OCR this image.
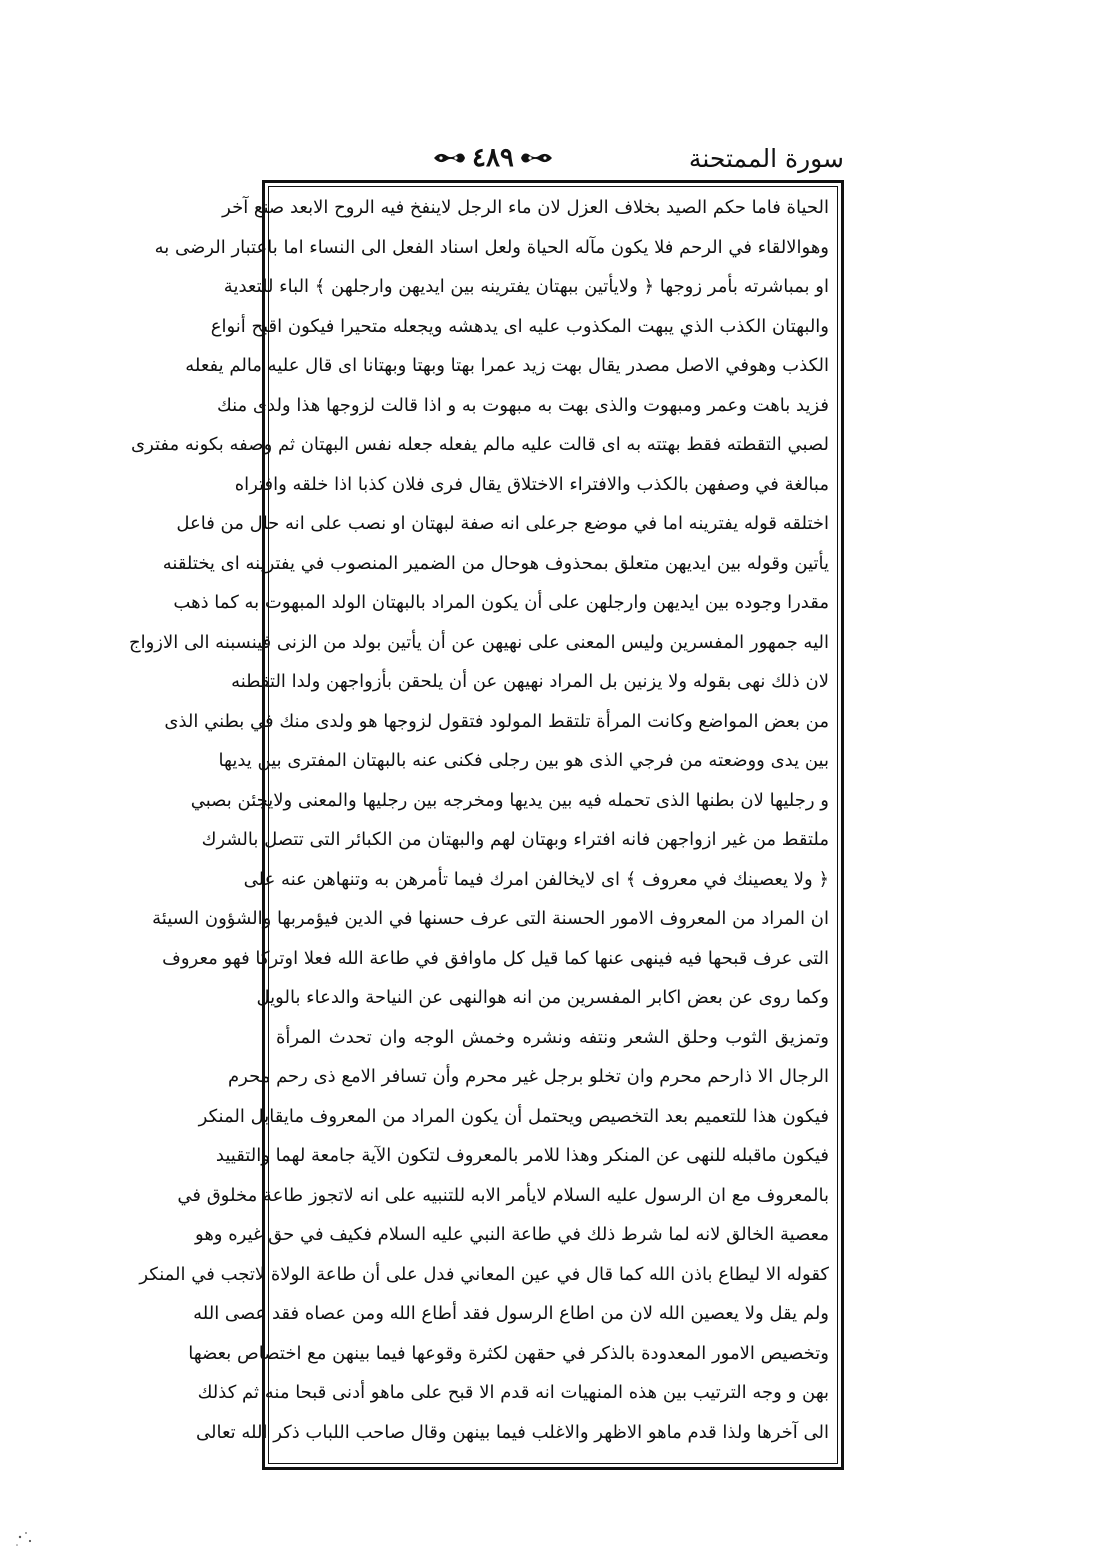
سورة الممتحنة
٤٨٩
الحياة فاما حكم الصيد بخلاف العزل لان ماء الرجل لاينفخ فيه الروح الابعد صنع آخر
وهوالالقاء في الرحم فلا يكون مآله الحياة ولعل اسناد الفعل الى النساء اما باعتبار الرضى به
او بمباشرته بأمر زوجها ﴿ ولايأتين ببهتان يفترينه بين ايديهن وارجلهن ﴾ الباء للتعدية
والبهتان الكذب الذي يبهت المكذوب عليه اى يدهشه ويجعله متحيرا فيكون اقبح أنواع
الكذب وهوفي الاصل مصدر يقال بهت زيد عمرا بهتا وبهتا وبهتانا اى قال عليه مالم يفعله
فزيد باهت وعمر ومبهوت والذى بهت به مبهوت به و اذا قالت لزوجها هذا ولدى منك
لصبي التقطته فقط بهتته به اى قالت عليه مالم يفعله جعله نفس البهتان ثم وصفه بكونه مفترى
مبالغة في وصفهن بالكذب والافتراء الاختلاق يقال فرى فلان كذبا اذا خلقه وافتراه
اختلقه قوله يفترينه اما في موضع جرعلى انه صفة لبهتان او نصب على انه حال من فاعل
يأتين وقوله بين ايديهن متعلق بمحذوف هوحال من الضمير المنصوب في يفترينه اى يختلقنه
مقدرا وجوده بين ايديهن وارجلهن على أن يكون المراد بالبهتان الولد المبهوت به كما ذهب
اليه جمهور المفسرين وليس المعنى على نهيهن عن أن يأتين بولد من الزنى فينسبنه الى الازواج
لان ذلك نهى بقوله ولا يزنين بل المراد نهيهن عن أن يلحقن بأزواجهن ولدا التقطنه
من بعض المواضع وكانت المرأة تلتقط المولود فتقول لزوجها هو ولدى منك في بطني الذى
بين يدى ووضعته من فرجي الذى هو بين رجلى فكنى عنه بالبهتان المفترى بين يديها
و رجليها لان بطنها الذى تحمله فيه بين يديها ومخرجه بين رجليها والمعنى ولايجئن بصبي
ملتقط من غير ازواجهن فانه افتراء وبهتان لهم والبهتان من الكبائر التى تتصل بالشرك
﴿ ولا يعصينك في معروف ﴾ اى لايخالفن امرك فيما تأمرهن به وتنهاهن عنه على
ان المراد من المعروف الامور الحسنة التى عرف حسنها في الدين فيؤمربها والشؤون السيئة
التى عرف قبحها فيه فينهى عنها كما قيل كل ماوافق في طاعة الله فعلا اوتركا فهو معروف
وكما روى عن بعض اكابر المفسرين من انه هوالنهى عن النياحة والدعاء بالويل
وتمزيق الثوب وحلق الشعر ونتفه ونشره وخمش الوجه وان تحدث المرأة
الرجال الا ذارحم محرم وان تخلو برجل غير محرم وأن تسافر الامع ذى رحم محرم
فيكون هذا للتعميم بعد التخصيص ويحتمل أن يكون المراد من المعروف مايقابل المنكر
فيكون ماقبله للنهى عن المنكر وهذا للامر بالمعروف لتكون الآية جامعة لهما والتقييد
بالمعروف مع ان الرسول عليه السلام لايأمر الابه للتنبيه على انه لاتجوز طاعة مخلوق في
معصية الخالق لانه لما شرط ذلك في طاعة النبي عليه السلام فكيف في حق غيره وهو
كقوله الا ليطاع باذن الله كما قال في عين المعاني فدل على أن طاعة الولاة لاتجب في المنكر
ولم يقل ولا يعصين الله لان من اطاع الرسول فقد أطاع الله ومن عصاه فقد عصى الله
وتخصيص الامور المعدودة بالذكر في حقهن لكثرة وقوعها فيما بينهن مع اختصاص بعضها
بهن و وجه الترتيب بين هذه المنهيات انه قدم الا قبح على ماهو أدنى قبحا منه ثم كذلك
الى آخرها ولذا قدم ماهو الاظهر والاغلب فيما بينهن وقال صاحب اللباب ذكر الله تعالى
